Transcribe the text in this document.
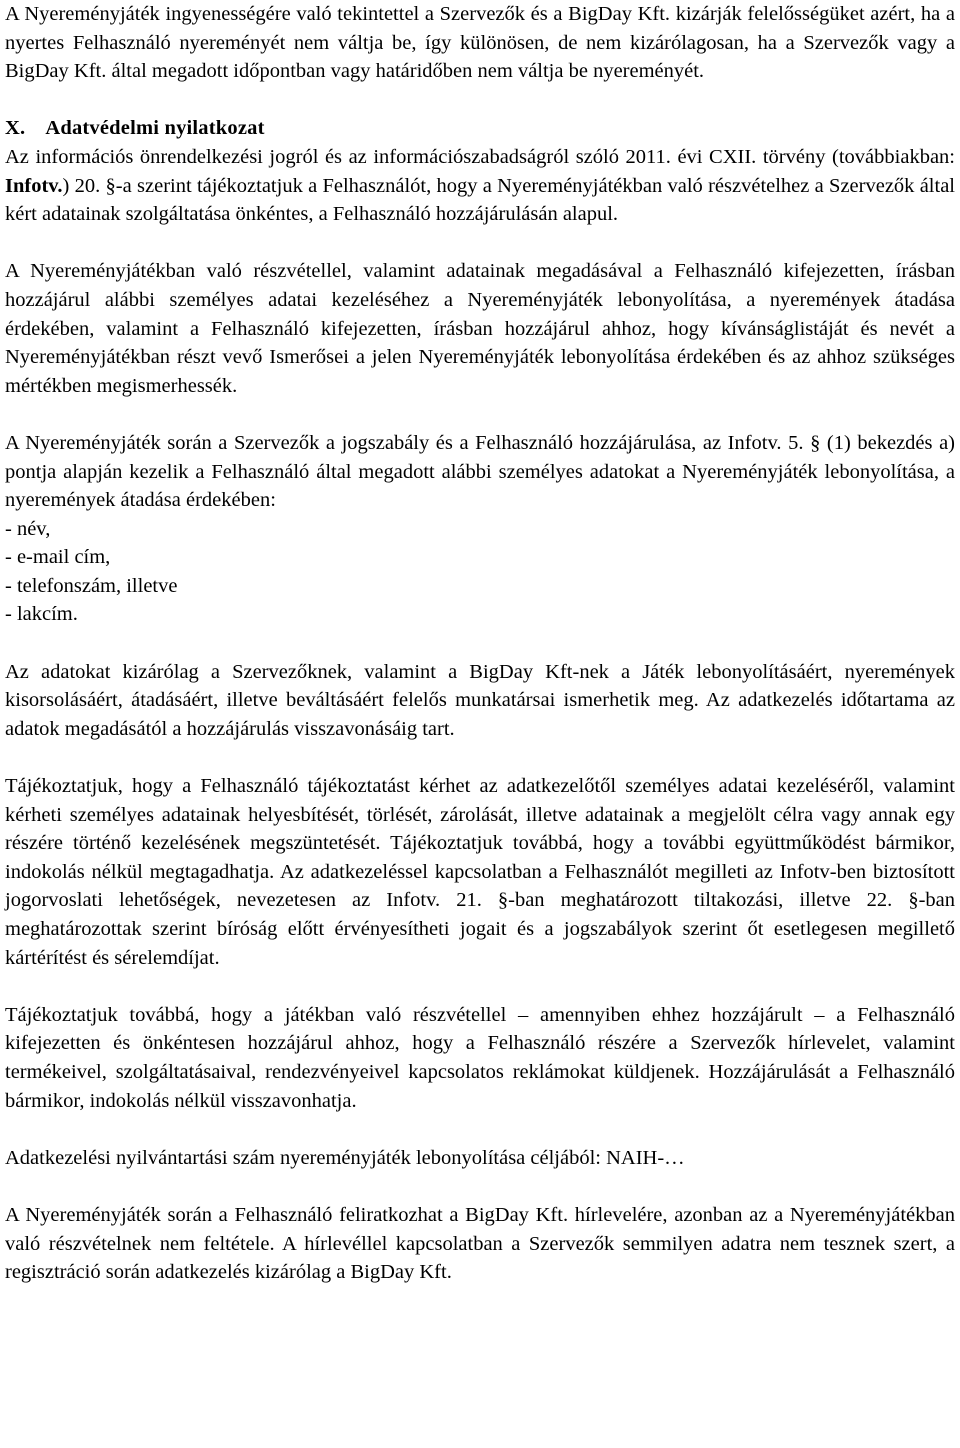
A Nyereményjáték ingyenességére való tekintettel a Szervezők és a BigDay Kft. kizárják felelősségüket azért, ha a nyertes Felhasználó nyereményét nem váltja be, így különösen, de nem kizárólagosan, ha a Szervezők vagy a BigDay Kft. által megadott időpontban vagy határidőben nem váltja be nyereményét.

X. Adatvédelmi nyilatkozat

Az információs önrendelkezési jogról és az információszabadságról szóló 2011. évi CXII. törvény (továbbiakban: Infotv.) 20. §-a szerint tájékoztatjuk a Felhasználót, hogy a Nyereményjátékban való részvételhez a Szervezők által kért adatainak szolgáltatása önkéntes, a Felhasználó hozzájárulásán alapul.

A Nyereményjátékban való részvétellel, valamint adatainak megadásával a Felhasználó kifejezetten, írásban hozzájárul alábbi személyes adatai kezeléséhez a Nyereményjáték lebonyolítása, a nyeremények átadása érdekében, valamint a Felhasználó kifejezetten, írásban hozzájárul ahhoz, hogy kívánságlistáját és nevét a Nyereményjátékban részt vevő Ismerősei a jelen Nyereményjáték lebonyolítása érdekében és az ahhoz szükséges mértékben megismerhessék.

A Nyereményjáték során a Szervezők a jogszabály és a Felhasználó hozzájárulása, az Infotv. 5. § (1) bekezdés a) pontja alapján kezelik a Felhasználó által megadott alábbi személyes adatokat a Nyereményjáték lebonyolítása, a nyeremények átadása érdekében:

- név,

- e-mail cím,

- telefonszám, illetve

- lakcím.

Az adatokat kizárólag a Szervezőknek, valamint a BigDay Kft-nek a Játék lebonyolításáért, nyeremények kisorsolásáért, átadásáért, illetve beváltásáért felelős munkatársai ismerhetik meg. Az adatkezelés időtartama az adatok megadásától a hozzájárulás visszavonásáig tart.

Tájékoztatjuk, hogy a Felhasználó tájékoztatást kérhet az adatkezelőtől személyes adatai kezeléséről, valamint kérheti személyes adatainak helyesbítését, törlését, zárolását, illetve adatainak a megjelölt célra vagy annak egy részére történő kezelésének megszüntetését. Tájékoztatjuk továbbá, hogy a további együttműködést bármikor, indokolás nélkül megtagadhatja. Az adatkezeléssel kapcsolatban a Felhasználót megilleti az Infotv-ben biztosított jogorvoslati lehetőségek, nevezetesen az Infotv. 21. §-ban meghatározott tiltakozási, illetve 22. §-ban meghatározottak szerint bíróság előtt érvényesítheti jogait és a jogszabályok szerint őt esetlegesen megillető kártérítést és sérelemdíjat.

Tájékoztatjuk továbbá, hogy a játékban való részvétellel – amennyiben ehhez hozzájárult – a Felhasználó kifejezetten és önkéntesen hozzájárul ahhoz, hogy a Felhasználó részére a Szervezők hírlevelet, valamint termékeivel, szolgáltatásaival, rendezvényeivel kapcsolatos reklámokat küldjenek. Hozzájárulását a Felhasználó bármikor, indokolás nélkül visszavonhatja.

Adatkezelési nyilvántartási szám nyereményjáték lebonyolítása céljából: NAIH-…

A Nyereményjáték során a Felhasználó feliratkozhat a BigDay Kft. hírlevelére, azonban az a Nyereményjátékban való részvételnek nem feltétele. A hírlevéllel kapcsolatban a Szervezők semmilyen adatra nem tesznek szert, a regisztráció során adatkezelés kizárólag a BigDay Kft.
